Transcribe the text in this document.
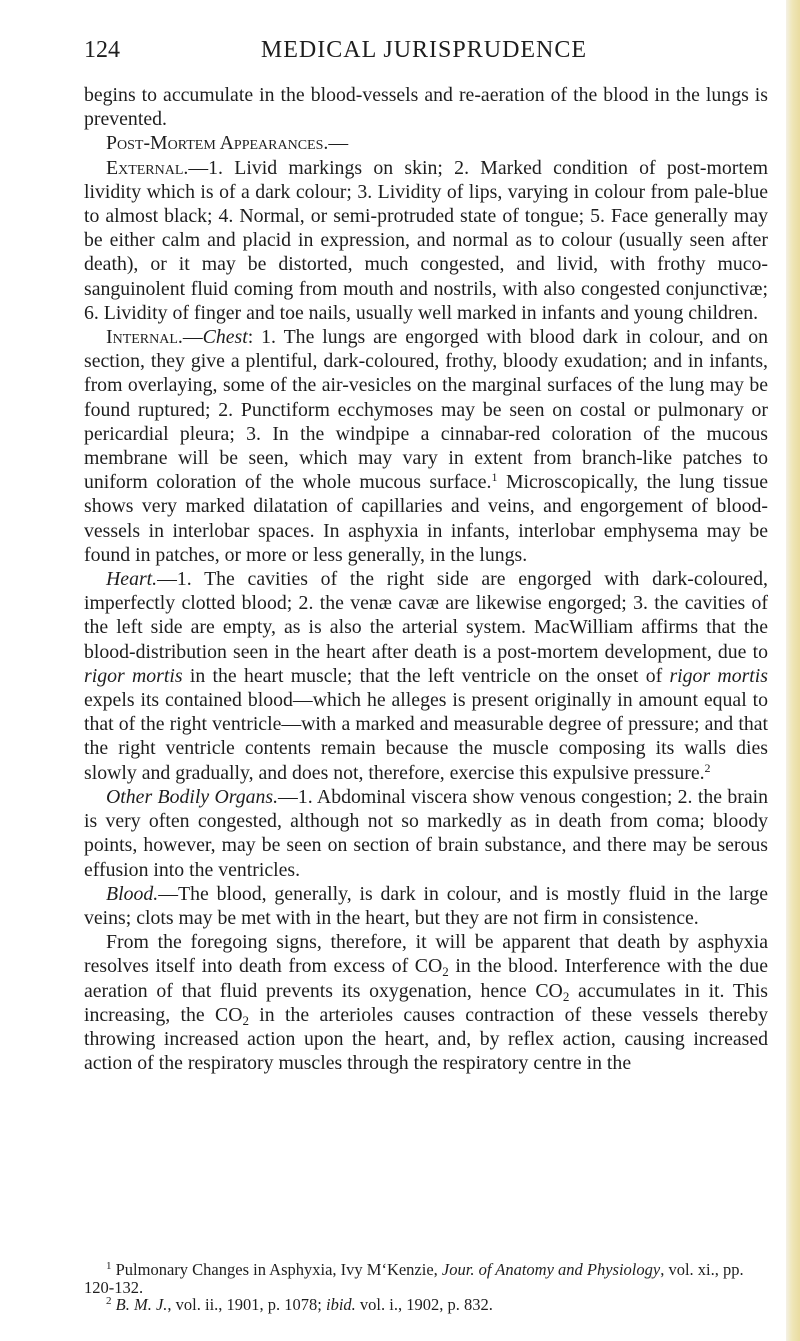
124	MEDICAL JURISPRUDENCE

begins to accumulate in the blood-vessels and re-aeration of the blood in the lungs is prevented.

Post-Mortem Appearances.—

External.—1. Livid markings on skin; 2. Marked condition of post-mortem lividity which is of a dark colour; 3. Lividity of lips, varying in colour from pale-blue to almost black; 4. Normal, or semi-protruded state of tongue; 5. Face generally may be either calm and placid in expression, and normal as to colour (usually seen after death), or it may be distorted, much congested, and livid, with frothy muco-sanguinolent fluid coming from mouth and nostrils, with also congested conjunctivæ; 6. Lividity of finger and toe nails, usually well marked in infants and young children.

Internal.—Chest: 1. The lungs are engorged with blood dark in colour, and on section, they give a plentiful, dark-coloured, frothy, bloody exudation; and in infants, from overlaying, some of the air-vesicles on the marginal surfaces of the lung may be found ruptured; 2. Punctiform ecchymoses may be seen on costal or pulmonary or pericardial pleura; 3. In the windpipe a cinnabar-red coloration of the mucous membrane will be seen, which may vary in extent from branch-like patches to uniform coloration of the whole mucous surface.$^1$ Microscopically, the lung tissue shows very marked dilatation of capillaries and veins, and engorgement of blood-vessels in interlobar spaces. In asphyxia in infants, interlobar emphysema may be found in patches, or more or less generally, in the lungs.

Heart.—1. The cavities of the right side are engorged with dark-coloured, imperfectly clotted blood; 2. the venæ cavæ are likewise engorged; 3. the cavities of the left side are empty, as is also the arterial system. MacWilliam affirms that the blood-distribution seen in the heart after death is a post-mortem development, due to rigor mortis in the heart muscle; that the left ventricle on the onset of rigor mortis expels its contained blood—which he alleges is present originally in amount equal to that of the right ventricle—with a marked and measurable degree of pressure; and that the right ventricle contents remain because the muscle composing its walls dies slowly and gradually, and does not, therefore, exercise this expulsive pressure.$^2$

Other Bodily Organs.—1. Abdominal viscera show venous congestion; 2. the brain is very often congested, although not so markedly as in death from coma; bloody points, however, may be seen on section of brain substance, and there may be serous effusion into the ventricles.

Blood.—The blood, generally, is dark in colour, and is mostly fluid in the large veins; clots may be met with in the heart, but they are not firm in consistence.

From the foregoing signs, therefore, it will be apparent that death by asphyxia resolves itself into death from excess of $CO_2$ in the blood. Interference with the due aeration of that fluid prevents its oxygenation, hence $CO_2$ accumulates in it. This increasing, the $CO_2$ in the arterioles causes contraction of these vessels thereby throwing increased action upon the heart, and, by reflex action, causing increased action of the respiratory muscles through the respiratory centre in the

$^1$ Pulmonary Changes in Asphyxia, Ivy M‘Kenzie, Jour. of Anatomy and Physiology, vol. xi., pp. 120-132.

$^2$ B. M. J., vol. ii., 1901, p. 1078; ibid. vol. i., 1902, p. 832.
